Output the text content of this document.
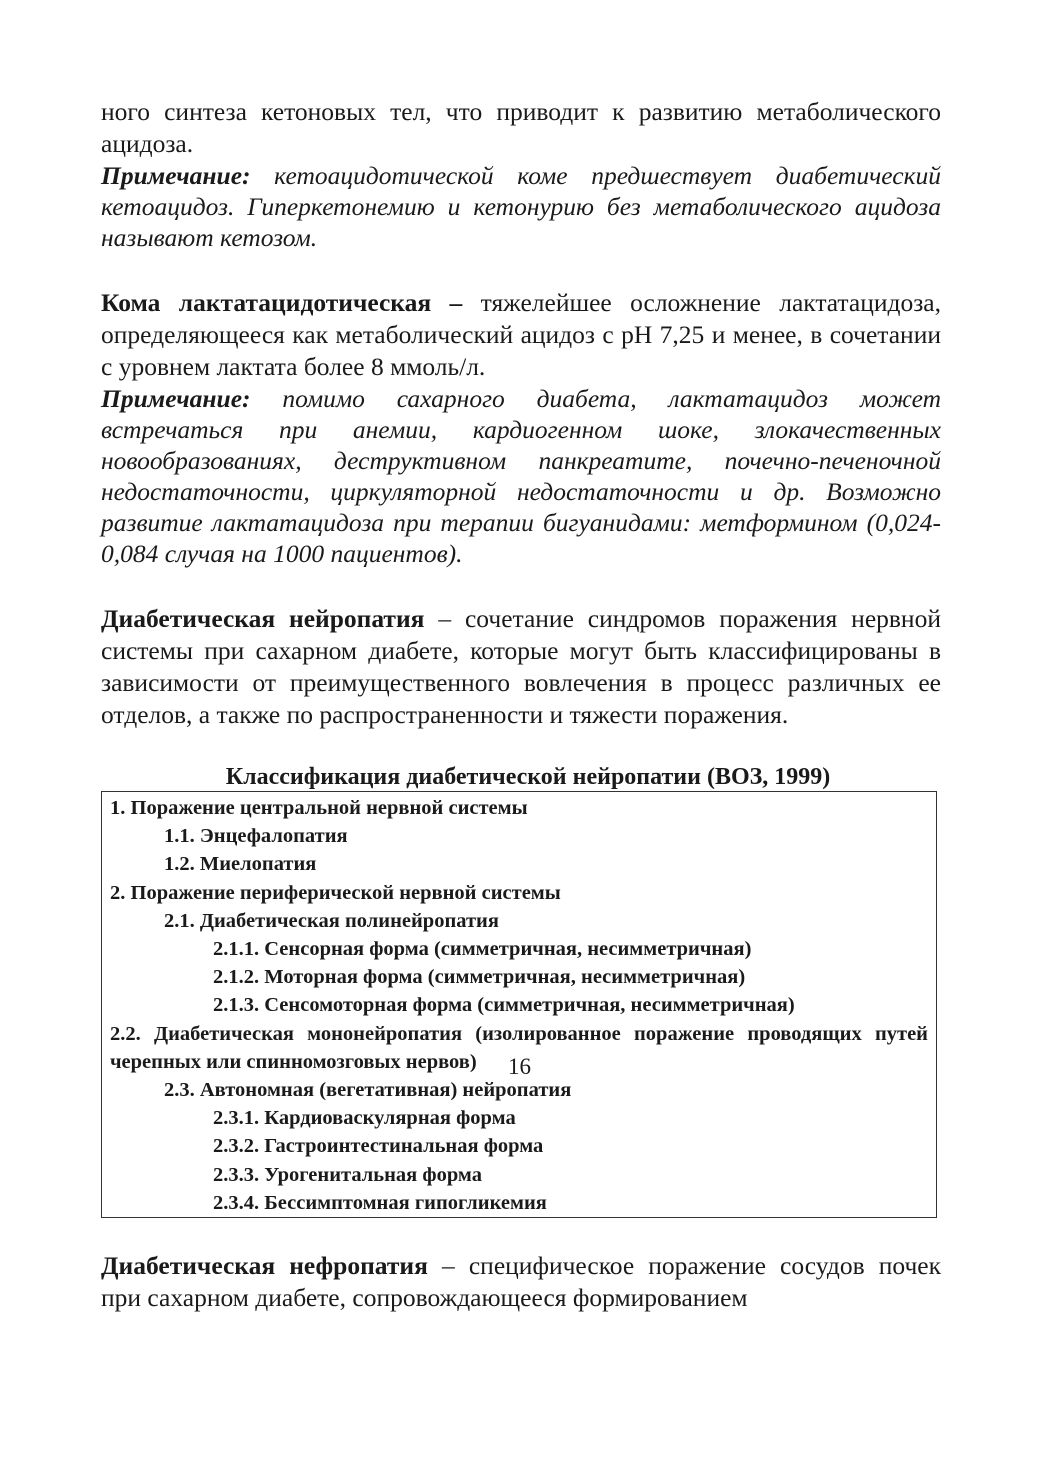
ного синтеза кетоновых тел, что приводит к развитию метаболического ацидоза.

Примечание: кетоацидотической коме предшествует диабетический кетоацидоз. Гиперкетонемию и кетонурию без метаболического ацидоза называют кетозом.

Кома лактатацидотическая – тяжелейшее осложнение лактатацидоза, определяющееся как метаболический ацидоз с pH 7,25 и менее, в сочетании с уровнем лактата более 8 ммоль/л.

Примечание: помимо сахарного диабета, лактатацидоз может встречаться при анемии, кардиогенном шоке, злокачественных новообразованиях, деструктивном панкреатите, почечно-печеночной недостаточности, циркуляторной недостаточности и др. Возможно развитие лактатацидоза при терапии бигуанидами: метформином (0,024-0,084 случая на 1000 пациентов).

Диабетическая нейропатия – сочетание синдромов поражения нервной системы при сахарном диабете, которые могут быть классифицированы в зависимости от преимущественного вовлечения в процесс различных ее отделов, а также по распространенности и тяжести поражения.

Классификация диабетической нейропатии (ВОЗ, 1999)

1. Поражение центральной нервной системы

1.1. Энцефалопатия

1.2. Миелопатия

2. Поражение периферической нервной системы

2.1. Диабетическая полинейропатия

2.1.1. Сенсорная форма (симметричная, несимметричная)

2.1.2. Моторная форма (симметричная, несимметричная)

2.1.3. Сенсомоторная форма (симметричная, несимметричная)

2.2. Диабетическая мононейропатия (изолированное поражение проводящих путей черепных или спинномозговых нервов)

2.3. Автономная (вегетативная) нейропатия

2.3.1. Кардиоваскулярная форма

2.3.2. Гастроинтестинальная форма

2.3.3. Урогенитальная форма

2.3.4. Бессимптомная гипогликемия

Диабетическая нефропатия – специфическое поражение сосудов почек при сахарном диабете, сопровождающееся формированием

16
